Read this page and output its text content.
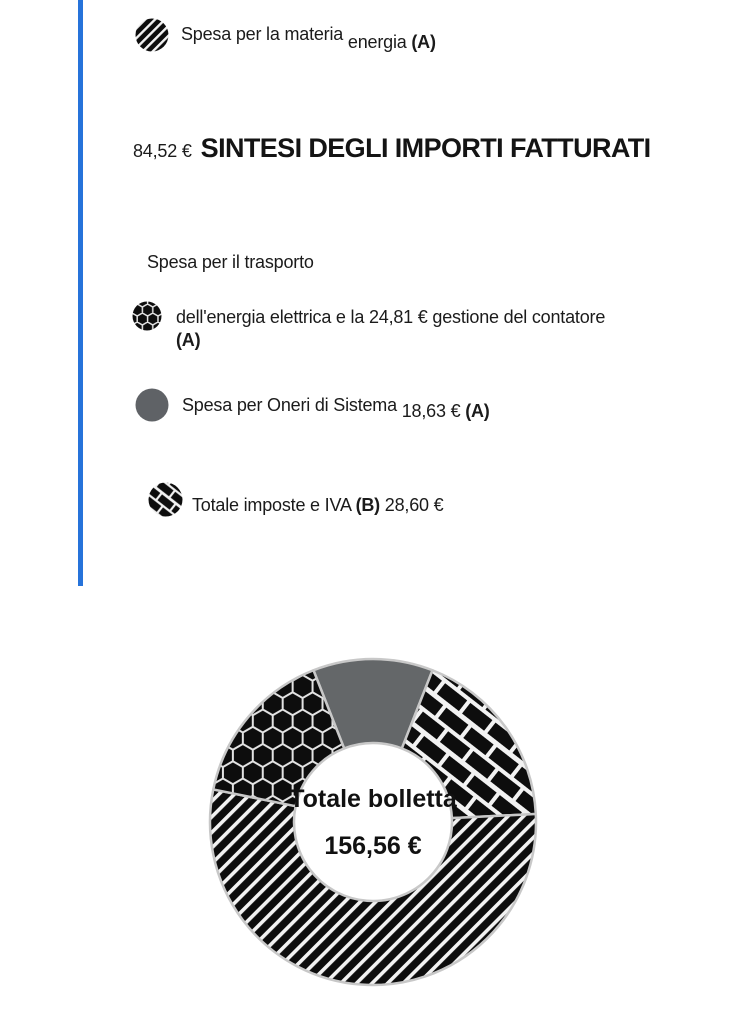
Spesa per la materia energia (A)
84,52 € SINTESI DEGLI IMPORTI FATTURATI
Spesa per il trasporto
dell'energia elettrica e la 24,81 € gestione del contatore
(A)
Spesa per Oneri di Sistema 18,63 € (A)
Totale imposte e IVA (B) 28,60 €
Totale bolletta
156,56 €
